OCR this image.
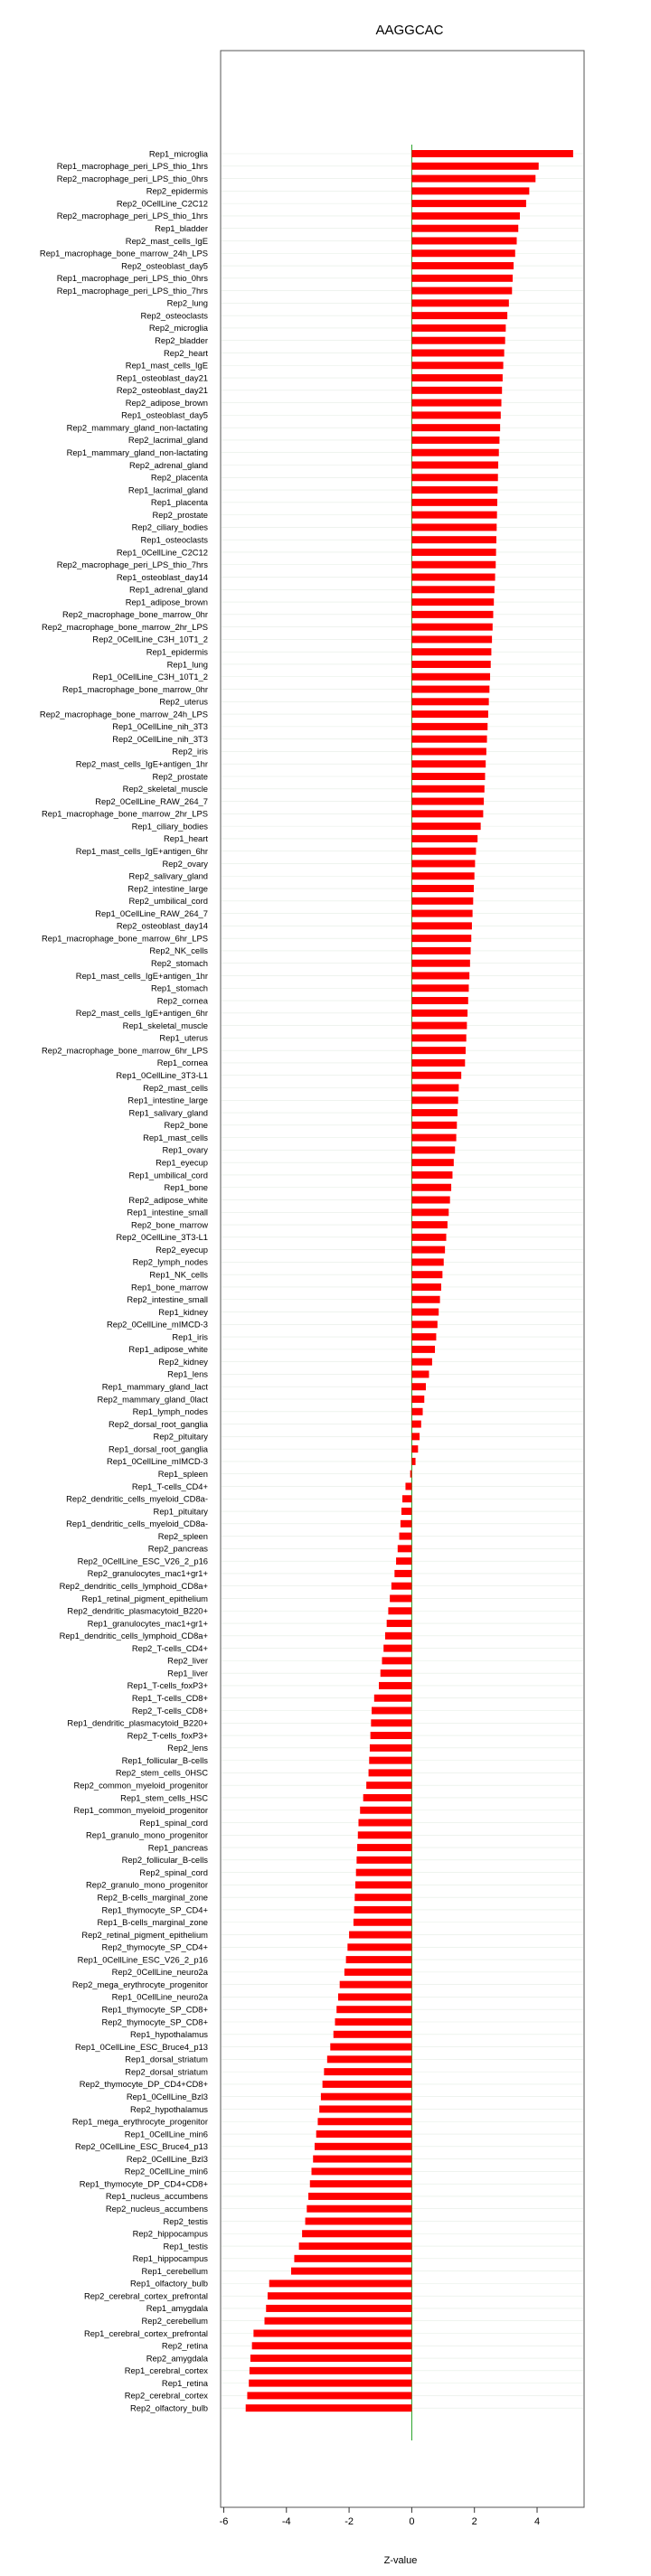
AAGGCAC
Rep1_microglia
Rep1_macrophage_peri_LPS_thio_1hrs
Rep2_macrophage_peri_LPS_thio_0hrs
Rep2_epidermis
Rep2_0CellLine_C2C12
Rep2_macrophage_peri_LPS_thio_1hrs
Rep1_bladder
Rep2_mast_cells_IgE
Rep1_macrophage_bone_marrow_24h_LPS
Rep2_osteoblast_day5
Rep1_macrophage_peri_LPS_thio_0hrs
Rep1_macrophage_peri_LPS_thio_7hrs
Rep2_lung
Rep2_osteoclasts
Rep2_microglia
Rep2_bladder
Rep2_heart
Rep1_mast_cells_IgE
Rep1_osteoblast_day21
Rep2_osteoblast_day21
Rep2_adipose_brown
Rep1_osteoblast_day5
Rep2_mammary_gland_non-lactating
Rep2_lacrimal_gland
Rep1_mammary_gland_non-lactating
Rep2_adrenal_gland
Rep2_placenta
Rep1_lacrimal_gland
Rep1_placenta
Rep2_prostate
Rep2_ciliary_bodies
Rep1_osteoclasts
Rep1_0CellLine_C2C12
Rep2_macrophage_peri_LPS_thio_7hrs
Rep1_osteoblast_day14
Rep1_adrenal_gland
Rep1_adipose_brown
Rep2_macrophage_bone_marrow_0hr
Rep2_macrophage_bone_marrow_2hr_LPS
Rep2_0CellLine_C3H_10T1_2
Rep1_epidermis
Rep1_lung
Rep1_0CellLine_C3H_10T1_2
Rep1_macrophage_bone_marrow_0hr
Rep2_uterus
Rep2_macrophage_bone_marrow_24h_LPS
Rep1_0CellLine_nih_3T3
Rep2_0CellLine_nih_3T3
Rep2_iris
Rep2_mast_cells_IgE+antigen_1hr
Rep2_prostate
Rep2_skeletal_muscle
Rep2_0CellLine_RAW_264_7
Rep1_macrophage_bone_marrow_2hr_LPS
Rep1_ciliary_bodies
Rep1_heart
Rep1_mast_cells_IgE+antigen_6hr
Rep2_ovary
Rep2_salivary_gland
Rep2_intestine_large
Rep2_umbilical_cord
Rep1_0CellLine_RAW_264_7
Rep2_osteoblast_day14
Rep1_macrophage_bone_marrow_6hr_LPS
Rep2_NK_cells
Rep2_stomach
Rep1_mast_cells_IgE+antigen_1hr
Rep1_stomach
Rep2_cornea
Rep2_mast_cells_IgE+antigen_6hr
Rep1_skeletal_muscle
Rep1_uterus
Rep2_macrophage_bone_marrow_6hr_LPS
Rep1_cornea
Rep1_0CellLine_3T3-L1
Rep2_mast_cells
Rep1_intestine_large
Rep1_salivary_gland
Rep2_bone
Rep1_mast_cells
Rep1_ovary
Rep1_eyecup
Rep1_umbilical_cord
Rep1_bone
Rep2_adipose_white
Rep1_intestine_small
Rep2_bone_marrow
Rep2_0CellLine_3T3-L1
Rep2_eyecup
Rep2_lymph_nodes
Rep1_NK_cells
Rep1_bone_marrow
Rep2_intestine_small
Rep1_kidney
Rep2_0CellLine_mIMCD-3
Rep1_iris
Rep1_adipose_white
Rep2_kidney
Rep1_lens
Rep1_mammary_gland_lact
Rep2_mammary_gland_0lact
Rep1_lymph_nodes
Rep2_dorsal_root_ganglia
Rep2_pituitary
Rep1_dorsal_root_ganglia
Rep1_0CellLine_mIMCD-3
Rep1_spleen
Rep1_T-cells_CD4+
Rep2_dendritic_cells_myeloid_CD8a-
Rep1_pituitary
Rep1_dendritic_cells_myeloid_CD8a-
Rep2_spleen
Rep2_pancreas
Rep2_0CellLine_ESC_V26_2_p16
Rep2_granulocytes_mac1+gr1+
Rep2_dendritic_cells_lymphoid_CD8a+
Rep1_retinal_pigment_epithelium
Rep2_dendritic_plasmacytoid_B220+
Rep1_granulocytes_mac1+gr1+
Rep1_dendritic_cells_lymphoid_CD8a+
Rep2_T-cells_CD4+
Rep2_liver
Rep1_liver
Rep1_T-cells_foxP3+
Rep1_T-cells_CD8+
Rep2_T-cells_CD8+
Rep1_dendritic_plasmacytoid_B220+
Rep2_T-cells_foxP3+
Rep2_lens
Rep1_follicular_B-cells
Rep2_stem_cells_0HSC
Rep2_common_myeloid_progenitor
Rep1_stem_cells_HSC
Rep1_common_myeloid_progenitor
Rep1_spinal_cord
Rep1_granulo_mono_progenitor
Rep1_pancreas
Rep2_follicular_B-cells
Rep2_spinal_cord
Rep2_granulo_mono_progenitor
Rep2_B-cells_marginal_zone
Rep1_thymocyte_SP_CD4+
Rep1_B-cells_marginal_zone
Rep2_retinal_pigment_epithelium
Rep2_thymocyte_SP_CD4+
Rep1_0CellLine_ESC_V26_2_p16
Rep2_0CellLine_neuro2a
Rep2_mega_erythrocyte_progenitor
Rep1_0CellLine_neuro2a
Rep1_thymocyte_SP_CD8+
Rep2_thymocyte_SP_CD8+
Rep1_hypothalamus
Rep1_0CellLine_ESC_Bruce4_p13
Rep1_dorsal_striatum
Rep2_dorsal_striatum
Rep2_thymocyte_DP_CD4+CD8+
Rep1_0CellLine_Bzl3
Rep2_hypothalamus
Rep1_mega_erythrocyte_progenitor
Rep1_0CellLine_min6
Rep2_0CellLine_ESC_Bruce4_p13
Rep2_0CellLine_Bzl3
Rep2_0CellLine_min6
Rep1_thymocyte_DP_CD4+CD8+
Rep1_nucleus_accumbens
Rep2_nucleus_accumbens
Rep2_testis
Rep2_hippocampus
Rep1_testis
Rep1_hippocampus
Rep1_cerebellum
Rep1_olfactory_bulb
Rep2_cerebral_cortex_prefrontal
Rep1_amygdala
Rep2_cerebellum
Rep1_cerebral_cortex_prefrontal
Rep2_retina
Rep2_amygdala
Rep1_cerebral_cortex
Rep1_retina
Rep2_cerebral_cortex
Rep2_olfactory_bulb
-6	-4	-2	0	2	4
Z-value
